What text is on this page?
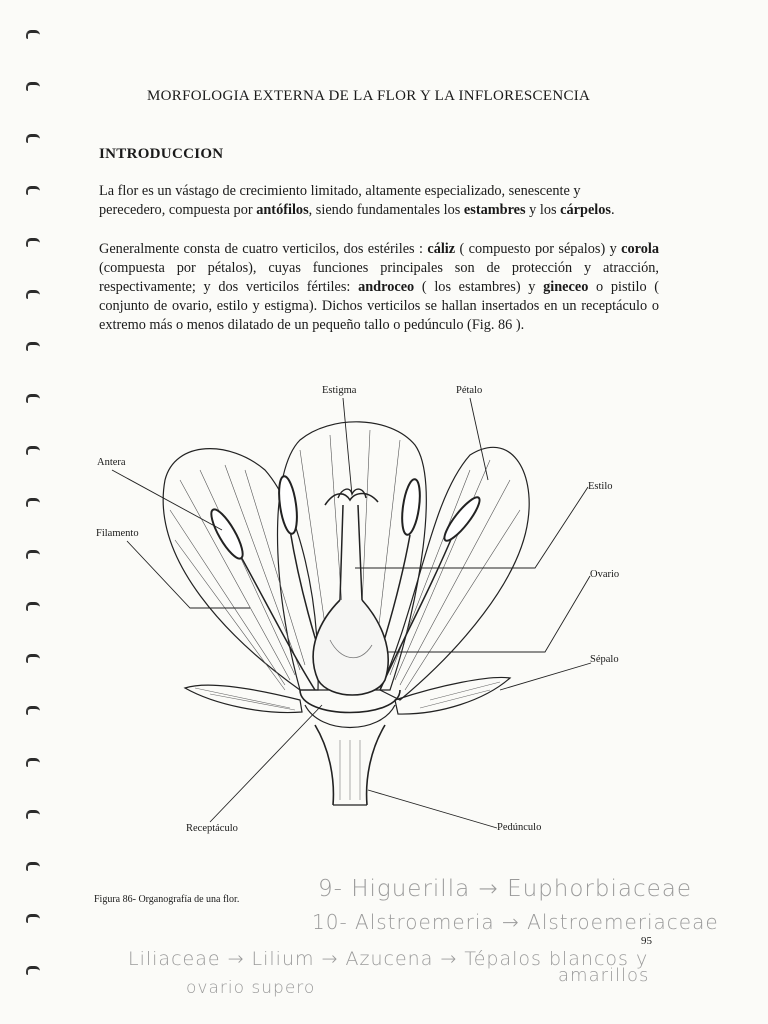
MORFOLOGIA EXTERNA DE LA FLOR Y LA INFLORESCENCIA
INTRODUCCION
La flor es un vástago de crecimiento limitado, altamente especializado, senescente y
perecedero, compuesta por antófilos, siendo fundamentales los estambres y los cárpelos.
Generalmente consta de cuatro verticilos, dos estériles : cáliz ( compuesto por sépalos) y corola (compuesta por pétalos), cuyas funciones principales son de protección y atracción, respectivamente; y dos verticilos fértiles: androceo ( los estambres) y gineceo o pistilo ( conjunto de ovario, estilo y estigma). Dichos verticilos se hallan insertados en un receptáculo o extremo más o menos dilatado de un pequeño tallo o pedúnculo (Fig. 86 ).
Estigma	Pétalo
Antera
Estilo
Filamento
Ovario
Sépalo
Receptáculo	Pedúnculo
Figura 86- Organografía de una flor.
95
9- Higuerilla → Euphorbiaceae
10- Alstroemeria → Alstroemeriaceae
Liliaceae → Lilium → Azucena → Tépalos blancos y
ovario supero
amarillos
